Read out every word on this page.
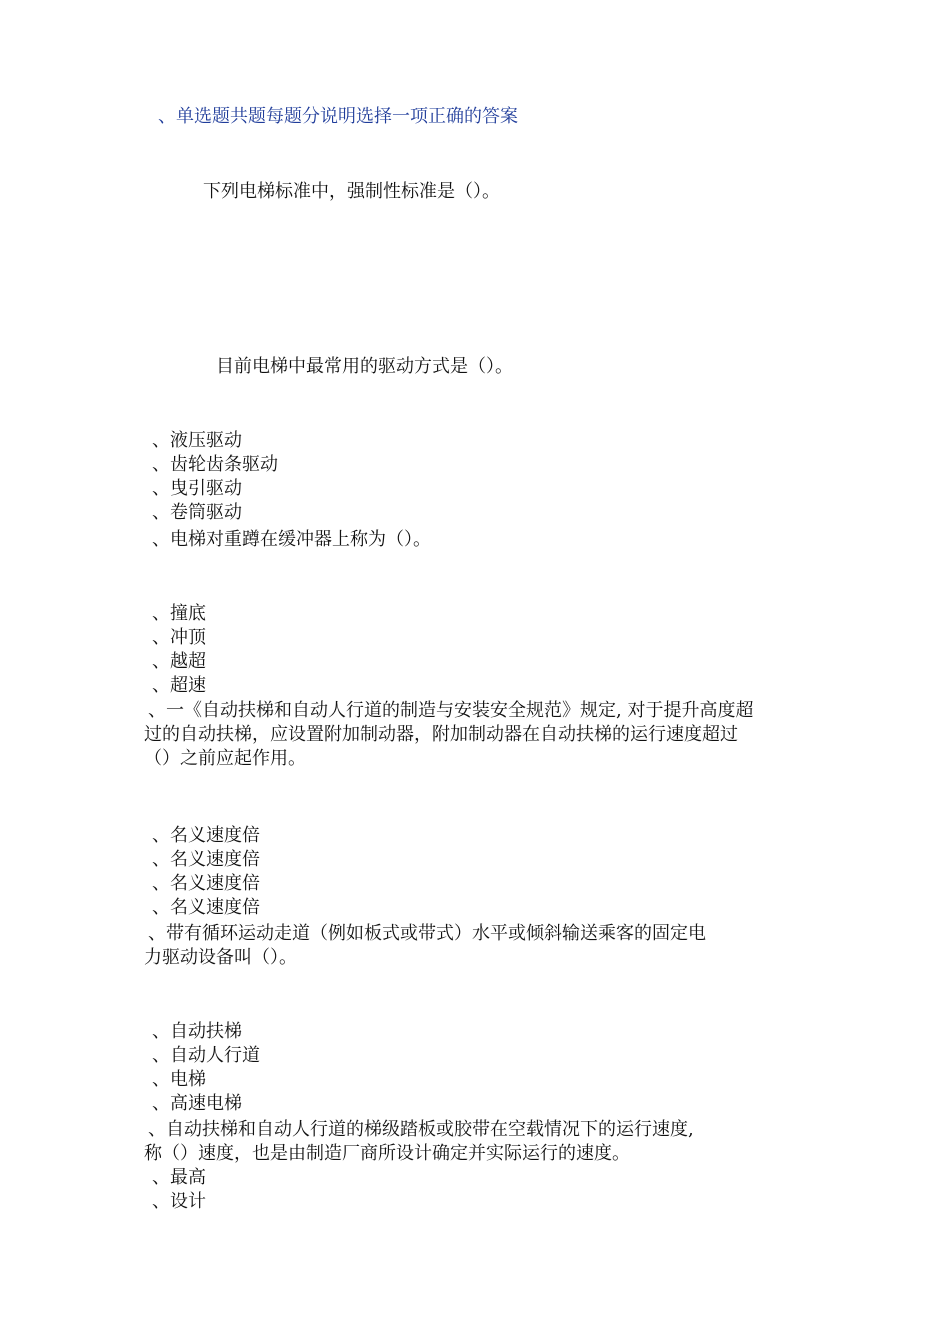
、单选题共题每题分说明选择一项正确的答案
下列电梯标准中，强制性标准是（）。
目前电梯中最常用的驱动方式是（）。
、液压驱动
、齿轮齿条驱动
、曳引驱动
、卷筒驱动
、电梯对重蹲在缓冲器上称为（）。
、撞底
、冲顶
、越超
、超速
、一《自动扶梯和自动人行道的制造与安装安全规范》规定, 对于提升高度超
过的自动扶梯，应设置附加制动器，附加制动器在自动扶梯的运行速度超过
（）之前应起作用。
、名义速度倍
、名义速度倍
、名义速度倍
、名义速度倍
、带有循环运动走道（例如板式或带式）水平或倾斜输送乘客的固定电
力驱动设备叫（）。
、自动扶梯
、自动人行道
、电梯
、高速电梯
、自动扶梯和自动人行道的梯级踏板或胶带在空载情况下的运行速度,
称（）速度，也是由制造厂商所设计确定并实际运行的速度。
、最高
、设计
